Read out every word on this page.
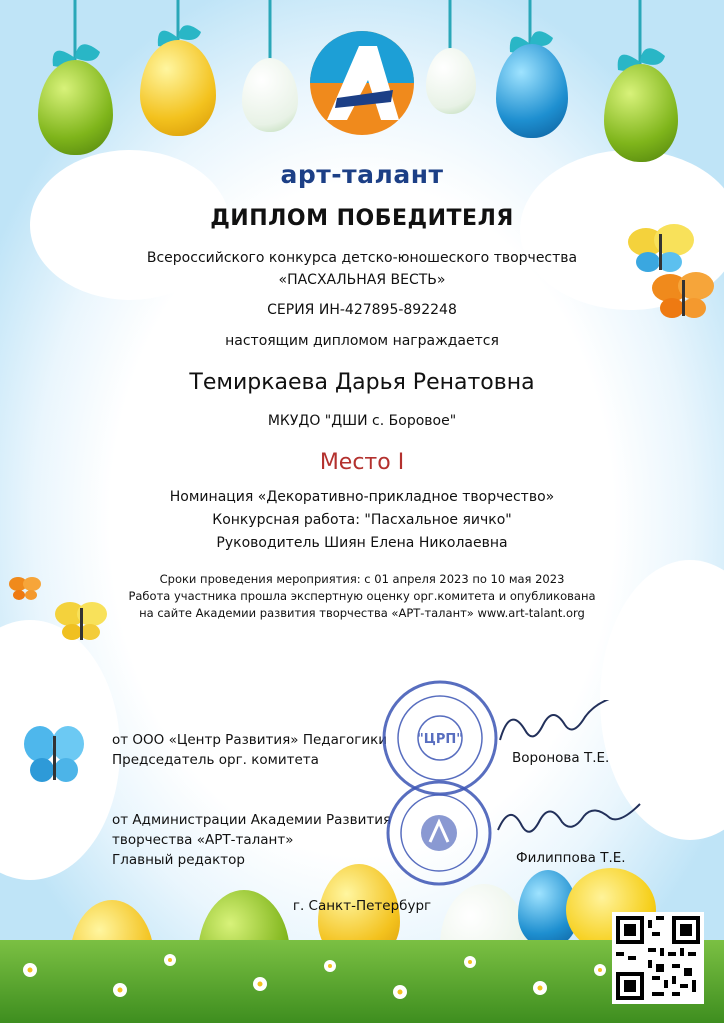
арт-талант
ДИПЛОМ ПОБЕДИТЕЛЯ
Всероссийского конкурса детско-юношеского творчества
«ПАСХАЛЬНАЯ ВЕСТЬ»
СЕРИЯ ИН-427895-892248
настоящим дипломом награждается
Темиркаева Дарья Ренатовна
МКУДО "ДШИ с. Боровое"
Место I
Номинация «Декоративно-прикладное творчество»
Конкурсная работа: "Пасхальное яичко"
Руководитель Шиян Елена Николаевна
Сроки проведения мероприятия: с 01 апреля 2023 по 10 мая 2023
Работа участника прошла экспертную оценку орг.комитета и опубликована
на сайте Академии развития творчества «АРТ-талант» www.art-talant.org
от ООО «Центр Развития» Педагогики
Председатель орг. комитета	Воронова Т.Е.
от Администрации Академии Развития
творчества «АРТ-талант»
Главный редактор	Филиппова Т.Е.
"ЦРП"
г. Санкт-Петербург
